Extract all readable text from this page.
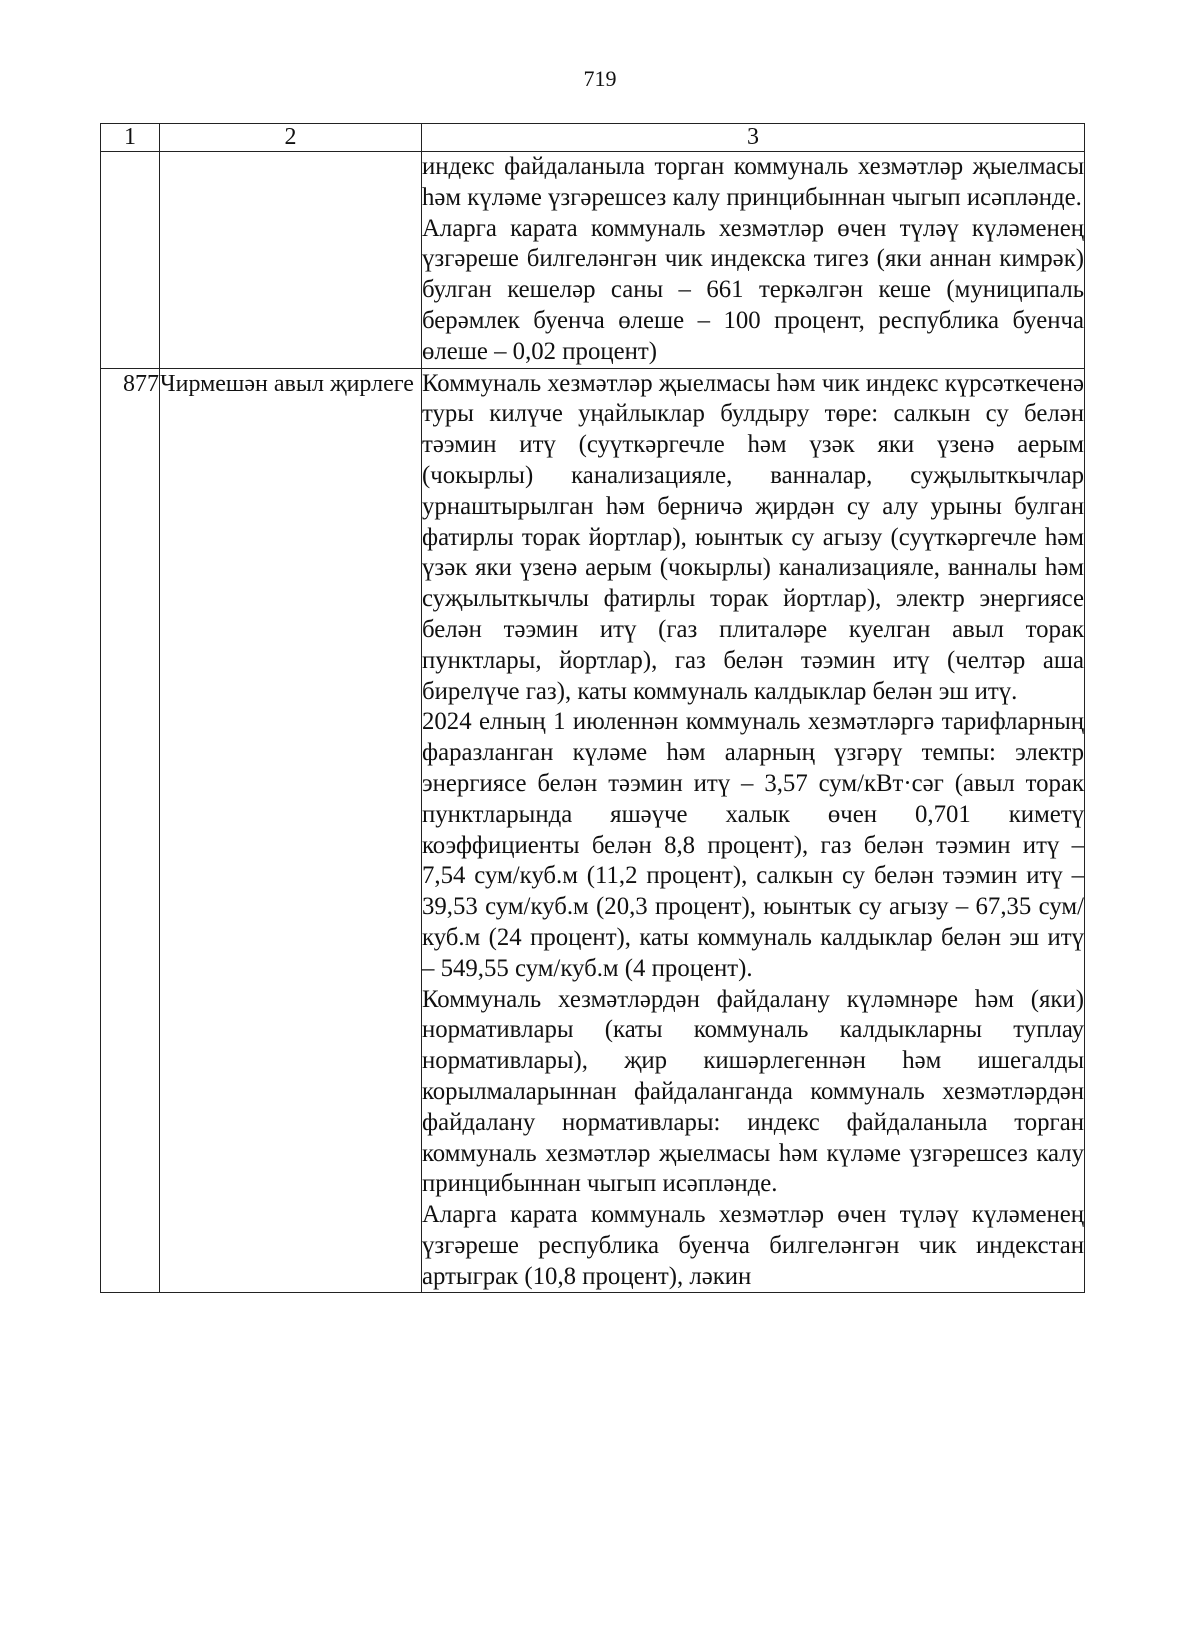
719
1	2	3

		индекс файдаланыла торган коммуналь хезмәтләр җыелмасы һәм күләме үзгәрешсез калу принцибыннан чыгып исәпләнде.

Аларга карата коммуналь хезмәтләр өчен түләү күләменең үзгәреше билгеләнгән чик индекска тигез (яки аннан кимрәк) булган кешеләр саны – 661 теркәлгән кеше (муниципаль берәмлек буенча өлеше – 100 процент, республика буенча өлеше – 0,02 процент)

877	Чирмешән авыл җирлеге	Коммуналь хезмәтләр җыелмасы һәм чик индекс күрсәткеченә туры килүче уңайлыклар булдыру төре: салкын су белән тәэмин итү (суүткәргечле һәм үзәк яки үзенә аерым (чокырлы) канализацияле, ванналар, суҗылыткычлар урнаштырылган һәм берничә җирдән су алу урыны булган фатирлы торак йортлар), юынтык су агызу (суүткәргечле һәм үзәк яки үзенә аерым (чокырлы) канализацияле, ванналы һәм суҗылыткычлы фатирлы торак йортлар), электр энергиясе белән тәэмин итү (газ плиталәре куелган авыл торак пунктлары, йортлар), газ белән тәэмин итү (челтәр аша бирелүче газ), каты коммуналь калдыклар белән эш итү.

2024 елның 1 июленнән коммуналь хезмәтләргә тарифларның фаразланган күләме һәм аларның үзгәрү темпы: электр энергиясе белән тәэмин итү – 3,57 сум/кВт·сәг (авыл торак пунктларында яшәүче халык өчен 0,701 киметү коэффициенты белән 8,8 процент), газ белән тәэмин итү – 7,54 сум/куб.м (11,2 процент), салкын су белән тәэмин итү – 39,53 сум/куб.м (20,3 процент), юынтык су агызу – 67,35 сум/куб.м (24 процент), каты коммуналь калдыклар белән эш итү – 549,55 сум/куб.м (4 процент).

Коммуналь хезмәтләрдән файдалану күләмнәре һәм (яки) нормативлары (каты коммуналь калдыкларны туплау нормативлары), җир кишәрлегеннән һәм ишегалды корылмаларыннан файдаланганда коммуналь хезмәтләрдән файдалану нормативлары: индекс файдаланыла торган коммуналь хезмәтләр җыелмасы һәм күләме үзгәрешсез калу принцибыннан чыгып исәпләнде.

Аларга карата коммуналь хезмәтләр өчен түләү күләменең үзгәреше республика буенча билгеләнгән чик индекстан артыграк (10,8 процент), ләкин
